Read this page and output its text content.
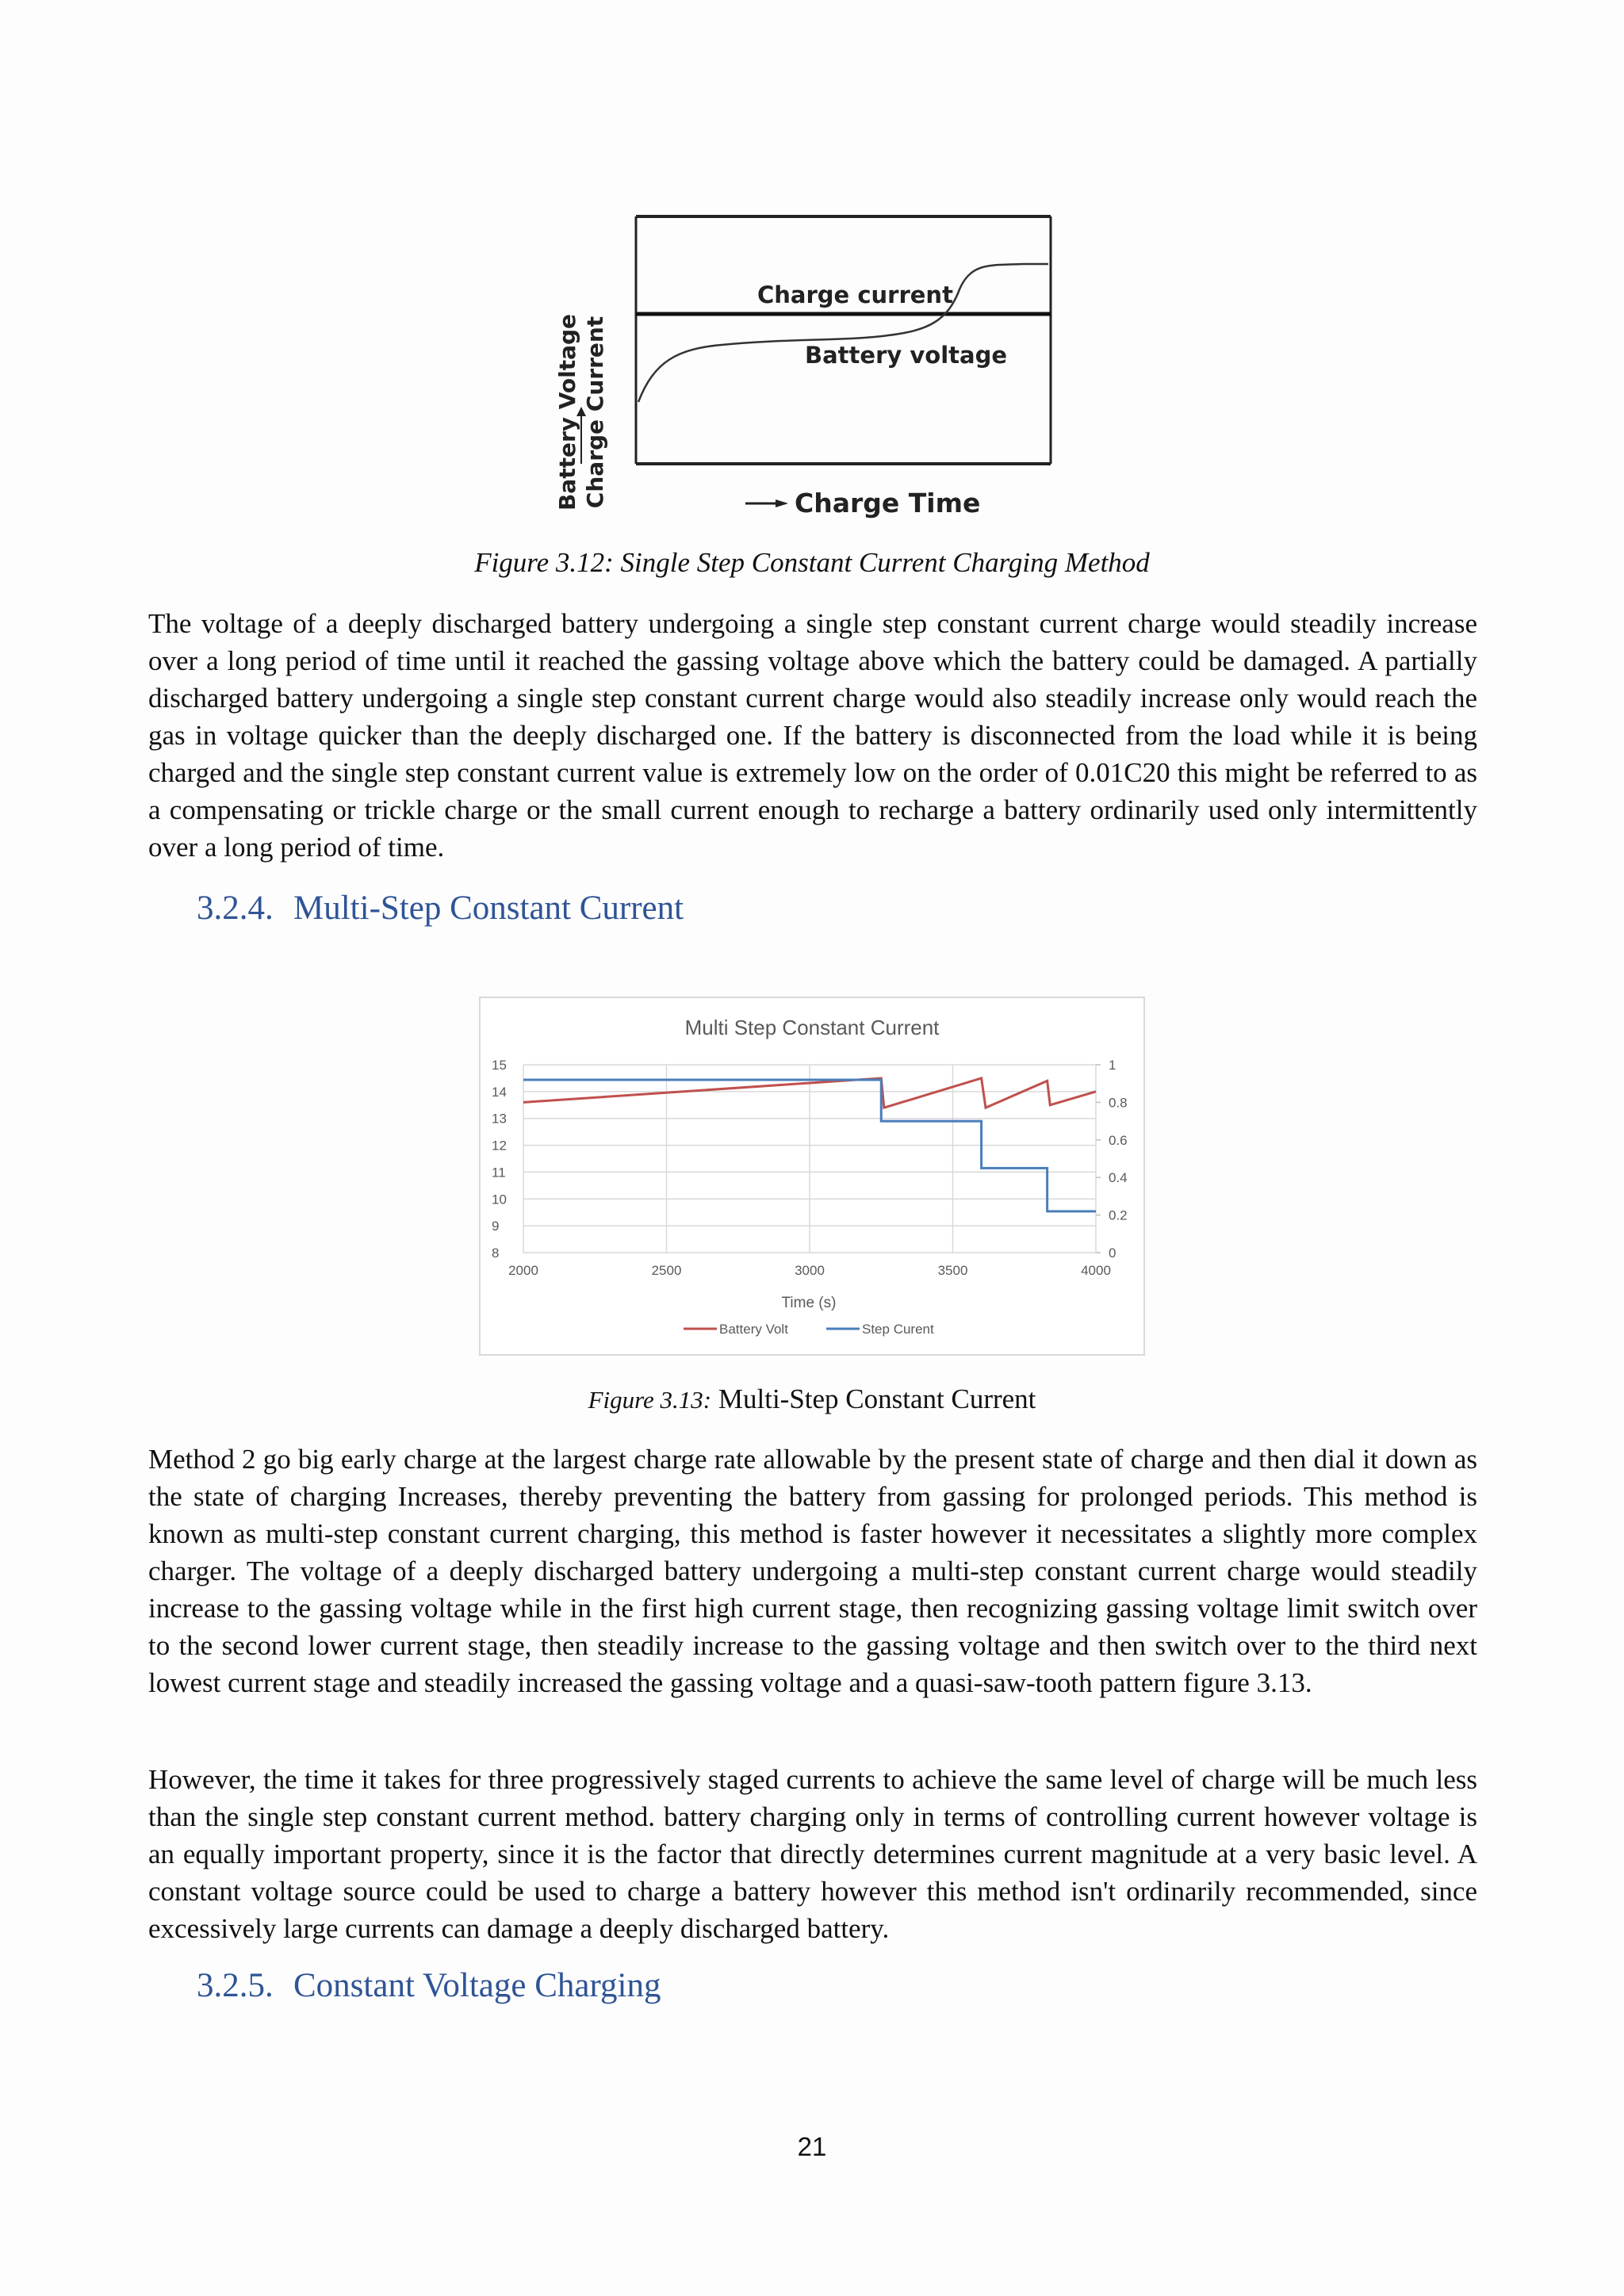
Battery Voltage Charge Current
Charge current
Battery voltage
Charge Time
Figure 3.12: Single Step Constant Current Charging Method
The voltage of a deeply discharged battery undergoing a single step constant current charge would steadily increase over a long period of time until it reached the gassing voltage above which the battery could be damaged. A partially discharged battery undergoing a single step constant current charge would also steadily increase only would reach the gas in voltage quicker than the deeply discharged one. If the battery is disconnected from the load while it is being charged and the single step constant current value is extremely low on the order of 0.01C20 this might be referred to as a compensating or trickle charge or the small current enough to recharge a battery ordinarily used only intermittently over a long period of time.
3.2.4. Multi-Step Constant Current
Multi Step Constant Current
15
14
13
12
11
10
9
8
1
0.8
0.6
0.4
0.2
0
2000	2500	3000	3500	4000
Time (s)
Battery Volt	Step Curent
Figure 3.13: Multi-Step Constant Current
Method 2 go big early charge at the largest charge rate allowable by the present state of charge and then dial it down as the state of charging Increases, thereby preventing the battery from gassing for prolonged periods. This method is known as multi-step constant current charging, this method is faster however it necessitates a slightly more complex charger. The voltage of a deeply discharged battery undergoing a multi-step constant current charge would steadily increase to the gassing voltage while in the first high current stage, then recognizing gassing voltage limit switch over to the second lower current stage, then steadily increase to the gassing voltage and then switch over to the third next lowest current stage and steadily increased the gassing voltage and a quasi-saw-tooth pattern figure 3.13.
However, the time it takes for three progressively staged currents to achieve the same level of charge will be much less than the single step constant current method. battery charging only in terms of controlling current however voltage is an equally important property, since it is the factor that directly determines current magnitude at a very basic level. A constant voltage source could be used to charge a battery however this method isn't ordinarily recommended, since excessively large currents can damage a deeply discharged battery.
3.2.5. Constant Voltage Charging
21
